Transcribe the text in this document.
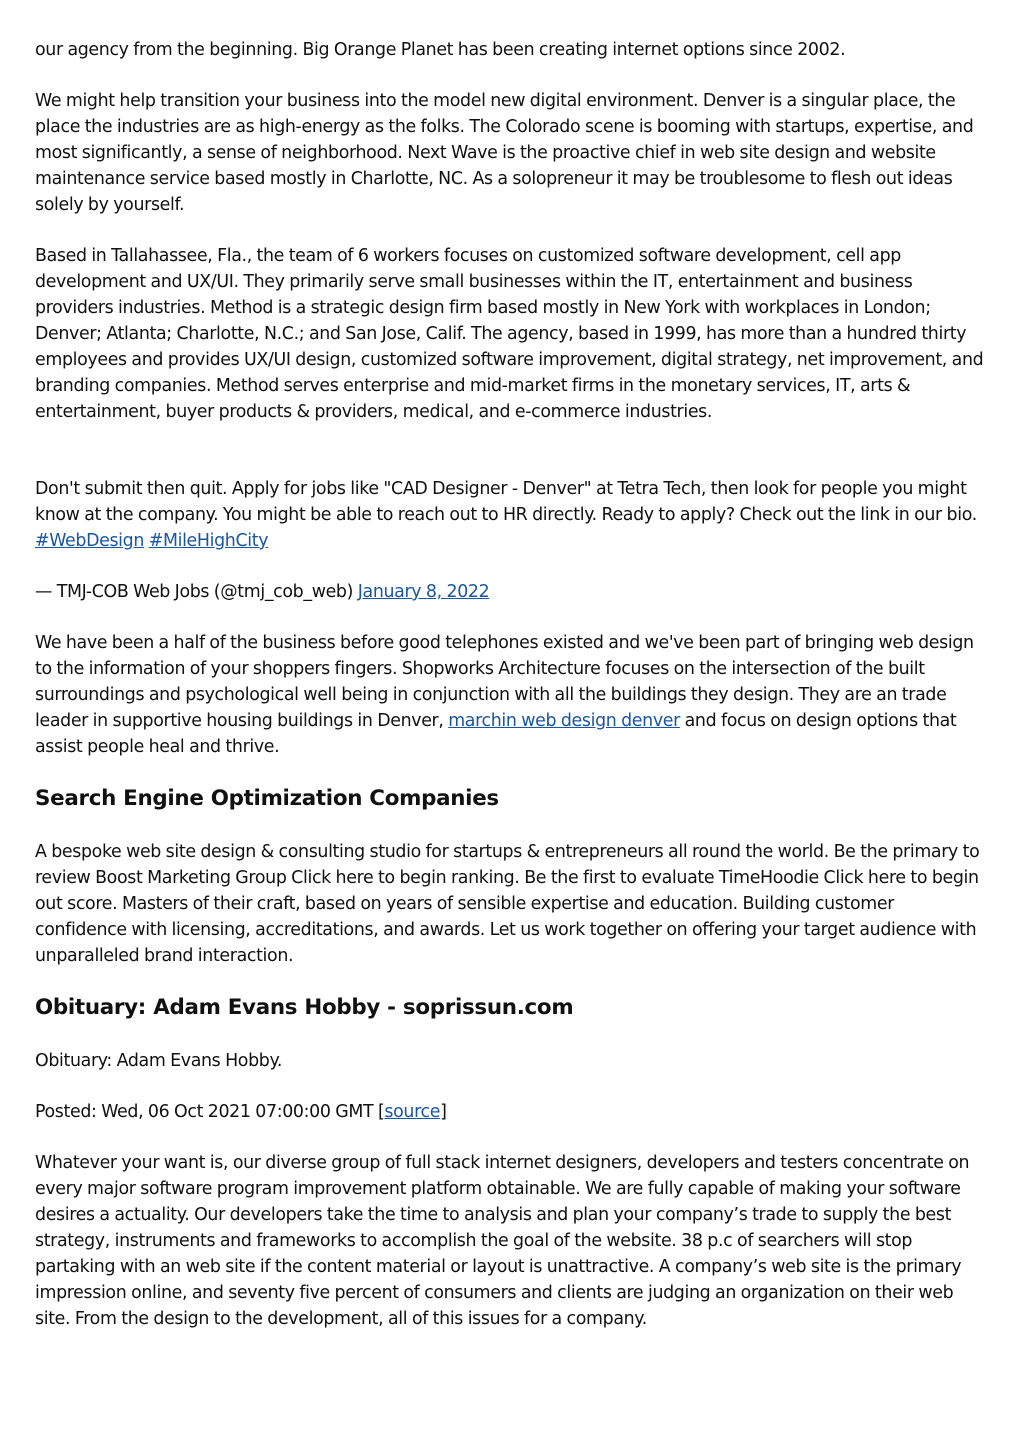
our agency from the beginning. Big Orange Planet has been creating internet options since 2002.

We might help transition your business into the model new digital environment. Denver is a singular place, the place the industries are as high-energy as the folks. The Colorado scene is booming with startups, expertise, and most significantly, a sense of neighborhood. Next Wave is the proactive chief in web site design and website maintenance service based mostly in Charlotte, NC. As a solopreneur it may be troublesome to flesh out ideas solely by yourself.

Based in Tallahassee, Fla., the team of 6 workers focuses on customized software development, cell app development and UX/UI. They primarily serve small businesses within the IT, entertainment and business providers industries. Method is a strategic design firm based mostly in New York with workplaces in London; Denver; Atlanta; Charlotte, N.C.; and San Jose, Calif. The agency, based in 1999, has more than a hundred thirty employees and provides UX/UI design, customized software improvement, digital strategy, net improvement, and branding companies. Method serves enterprise and mid-market firms in the monetary services, IT, arts & entertainment, buyer products & providers, medical, and e-commerce industries.

Don't submit then quit. Apply for jobs like "CAD Designer - Denver" at Tetra Tech, then look for people you might know at the company. You might be able to reach out to HR directly. Ready to apply? Check out the link in our bio. #WebDesign #MileHighCity

— TMJ-COB Web Jobs (@tmj_cob_web) January 8, 2022

We have been a half of the business before good telephones existed and we've been part of bringing web design to the information of your shoppers fingers. Shopworks Architecture focuses on the intersection of the built surroundings and psychological well being in conjunction with all the buildings they design. They are an trade leader in supportive housing buildings in Denver, marchin web design denver and focus on design options that assist people heal and thrive.

Search Engine Optimization Companies

A bespoke web site design & consulting studio for startups & entrepreneurs all round the world. Be the primary to review Boost Marketing Group Click here to begin ranking. Be the first to evaluate TimeHoodie Click here to begin out score. Masters of their craft, based on years of sensible expertise and education. Building customer confidence with licensing, accreditations, and awards. Let us work together on offering your target audience with unparalleled brand interaction.

Obituary: Adam Evans Hobby - soprissun.com

Obituary: Adam Evans Hobby.

Posted: Wed, 06 Oct 2021 07:00:00 GMT [source]

Whatever your want is, our diverse group of full stack internet designers, developers and testers concentrate on every major software program improvement platform obtainable. We are fully capable of making your software desires a actuality. Our developers take the time to analysis and plan your company’s trade to supply the best strategy, instruments and frameworks to accomplish the goal of the website. 38 p.c of searchers will stop partaking with an web site if the content material or layout is unattractive. A company’s web site is the primary impression online, and seventy five percent of consumers and clients are judging an organization on their web site. From the design to the development, all of this issues for a company.
